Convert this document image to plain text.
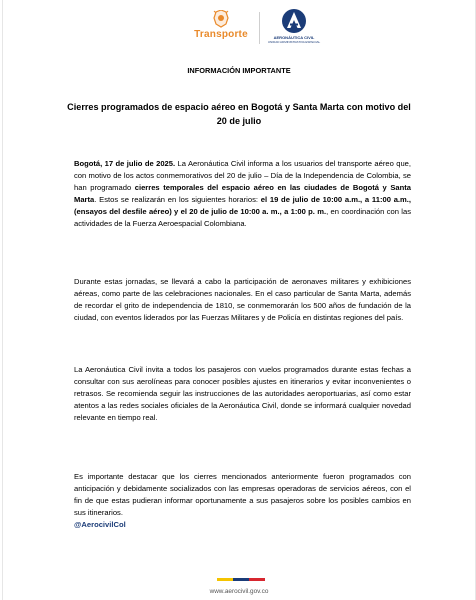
Transporte	AERONÁUTICA CIVIL
UNIDAD ADMINISTRATIVA ESPECIAL
INFORMACIÓN IMPORTANTE
Cierres programados de espacio aéreo en Bogotá y Santa Marta con motivo del 20 de julio

Bogotá, 17 de julio de 2025. La Aeronáutica Civil informa a los usuarios del transporte aéreo que, con motivo de los actos conmemorativos del 20 de julio – Día de la Independencia de Colombia, se han programado cierres temporales del espacio aéreo en las ciudades de Bogotá y Santa Marta. Estos se realizarán en los siguientes horarios: el 19 de julio de 10:00 a.m., a 11:00 a.m., (ensayos del desfile aéreo) y el 20 de julio de 10:00 a. m., a 1:00 p. m., en coordinación con las actividades de la Fuerza Aeroespacial Colombiana.

Durante estas jornadas, se llevará a cabo la participación de aeronaves militares y exhibiciones aéreas, como parte de las celebraciones nacionales. En el caso particular de Santa Marta, además de recordar el grito de independencia de 1810, se conmemorarán los 500 años de fundación de la ciudad, con eventos liderados por las Fuerzas Militares y de Policía en distintas regiones del país.

La Aeronáutica Civil invita a todos los pasajeros con vuelos programados durante estas fechas a consultar con sus aerolíneas para conocer posibles ajustes en itinerarios y evitar inconvenientes o retrasos. Se recomienda seguir las instrucciones de las autoridades aeroportuarias, así como estar atentos a las redes sociales oficiales de la Aeronáutica Civil, donde se informará cualquier novedad relevante en tiempo real.

Es importante destacar que los cierres mencionados anteriormente fueron programados con anticipación y debidamente socializados con las empresas operadoras de servicios aéreos, con el fin de que estas pudieran informar oportunamente a sus pasajeros sobre los posibles cambios en sus itinerarios.

@AerocivilCol
www.aerocivil.gov.co
